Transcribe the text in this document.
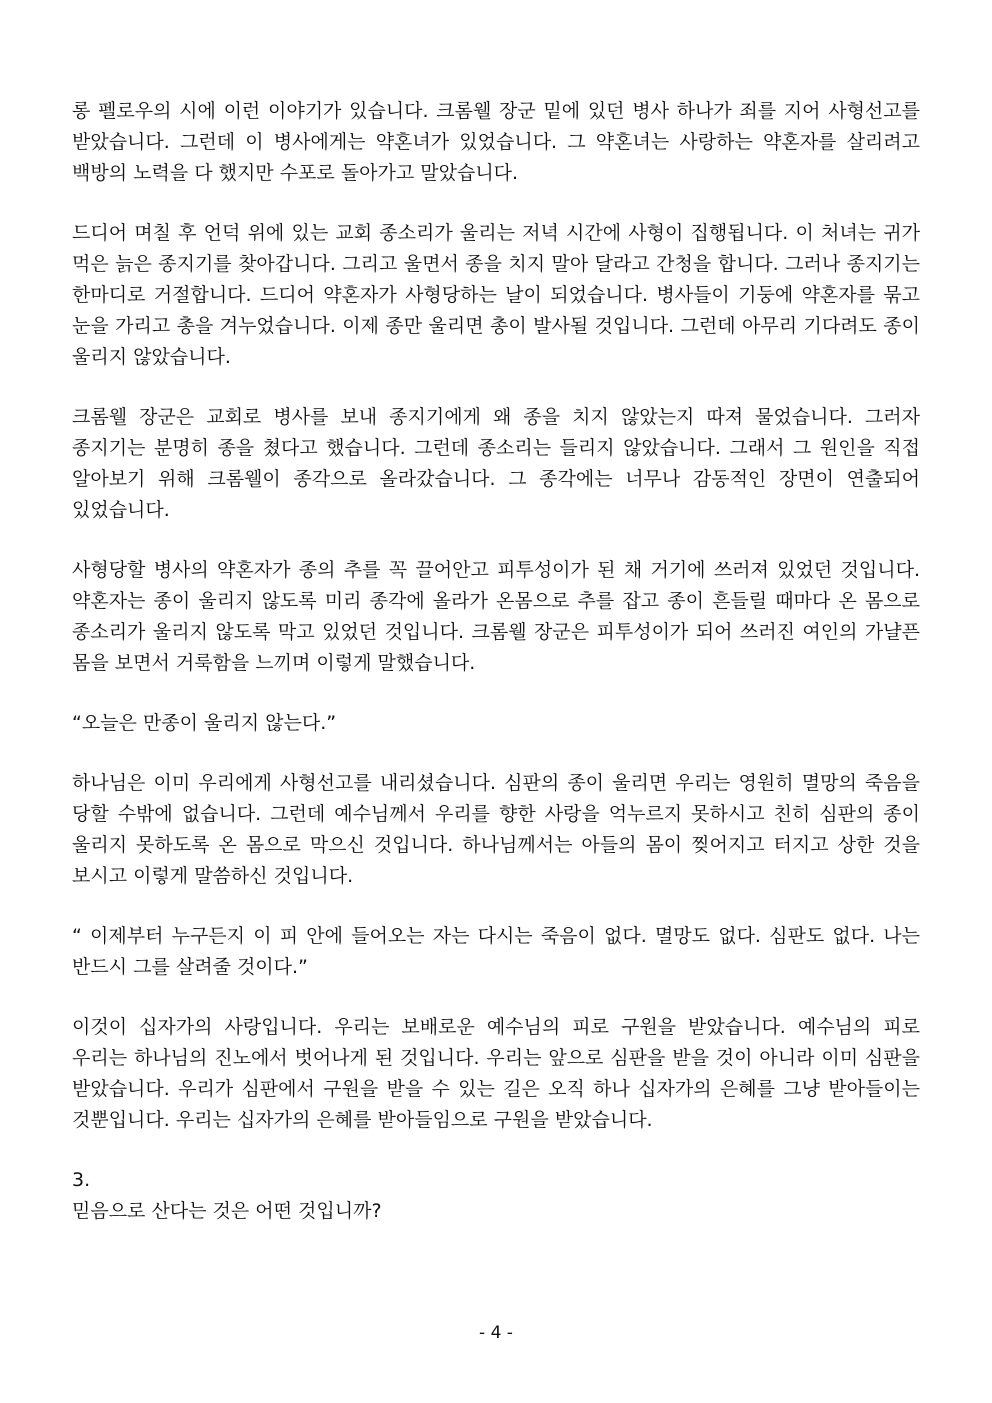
롱 펠로우의 시에 이런 이야기가 있습니다. 크롬웰 장군 밑에 있던 병사 하나가 죄를 지어 사형선고를 받았습니다. 그런데 이 병사에게는 약혼녀가 있었습니다. 그 약혼녀는 사랑하는 약혼자를 살리려고 백방의 노력을 다 했지만 수포로 돌아가고 말았습니다.

드디어 며칠 후 언덕 위에 있는 교회 종소리가 울리는 저녁 시간에 사형이 집행됩니다. 이 처녀는 귀가 먹은 늙은 종지기를 찾아갑니다. 그리고 울면서 종을 치지 말아 달라고 간청을 합니다. 그러나 종지기는 한마디로 거절합니다. 드디어 약혼자가 사형당하는 날이 되었습니다. 병사들이 기둥에 약혼자를 묶고 눈을 가리고 총을 겨누었습니다. 이제 종만 울리면 총이 발사될 것입니다. 그런데 아무리 기다려도 종이 울리지 않았습니다.

크롬웰 장군은 교회로 병사를 보내 종지기에게 왜 종을 치지 않았는지 따져 물었습니다. 그러자 종지기는 분명히 종을 쳤다고 했습니다. 그런데 종소리는 들리지 않았습니다. 그래서 그 원인을 직접 알아보기 위해 크롬웰이 종각으로 올라갔습니다. 그 종각에는 너무나 감동적인 장면이 연출되어 있었습니다.

사형당할 병사의 약혼자가 종의 추를 꼭 끌어안고 피투성이가 된 채 거기에 쓰러져 있었던 것입니다. 약혼자는 종이 울리지 않도록 미리 종각에 올라가 온몸으로 추를 잡고 종이 흔들릴 때마다 온 몸으로 종소리가 울리지 않도록 막고 있었던 것입니다. 크롬웰 장군은 피투성이가 되어 쓰러진 여인의 가냘픈 몸을 보면서 거룩함을 느끼며 이렇게 말했습니다.

“오늘은 만종이 울리지 않는다.”

하나님은 이미 우리에게 사형선고를 내리셨습니다. 심판의 종이 울리면 우리는 영원히 멸망의 죽음을 당할 수밖에 없습니다. 그런데 예수님께서 우리를 향한 사랑을 억누르지 못하시고 친히 심판의 종이 울리지 못하도록 온 몸으로 막으신 것입니다. 하나님께서는 아들의 몸이 찢어지고 터지고 상한 것을 보시고 이렇게 말씀하신 것입니다.

“ 이제부터 누구든지 이 피 안에 들어오는 자는 다시는 죽음이 없다. 멸망도 없다. 심판도 없다. 나는 반드시 그를 살려줄 것이다.”

이것이 십자가의 사랑입니다. 우리는 보배로운 예수님의 피로 구원을 받았습니다. 예수님의 피로 우리는 하나님의 진노에서 벗어나게 된 것입니다. 우리는 앞으로 심판을 받을 것이 아니라 이미 심판을 받았습니다. 우리가 심판에서 구원을 받을 수 있는 길은 오직 하나 십자가의 은혜를 그냥 받아들이는 것뿐입니다. 우리는 십자가의 은혜를 받아들임으로 구원을 받았습니다.

3.
믿음으로 산다는 것은 어떤 것입니까?
- 4 -
